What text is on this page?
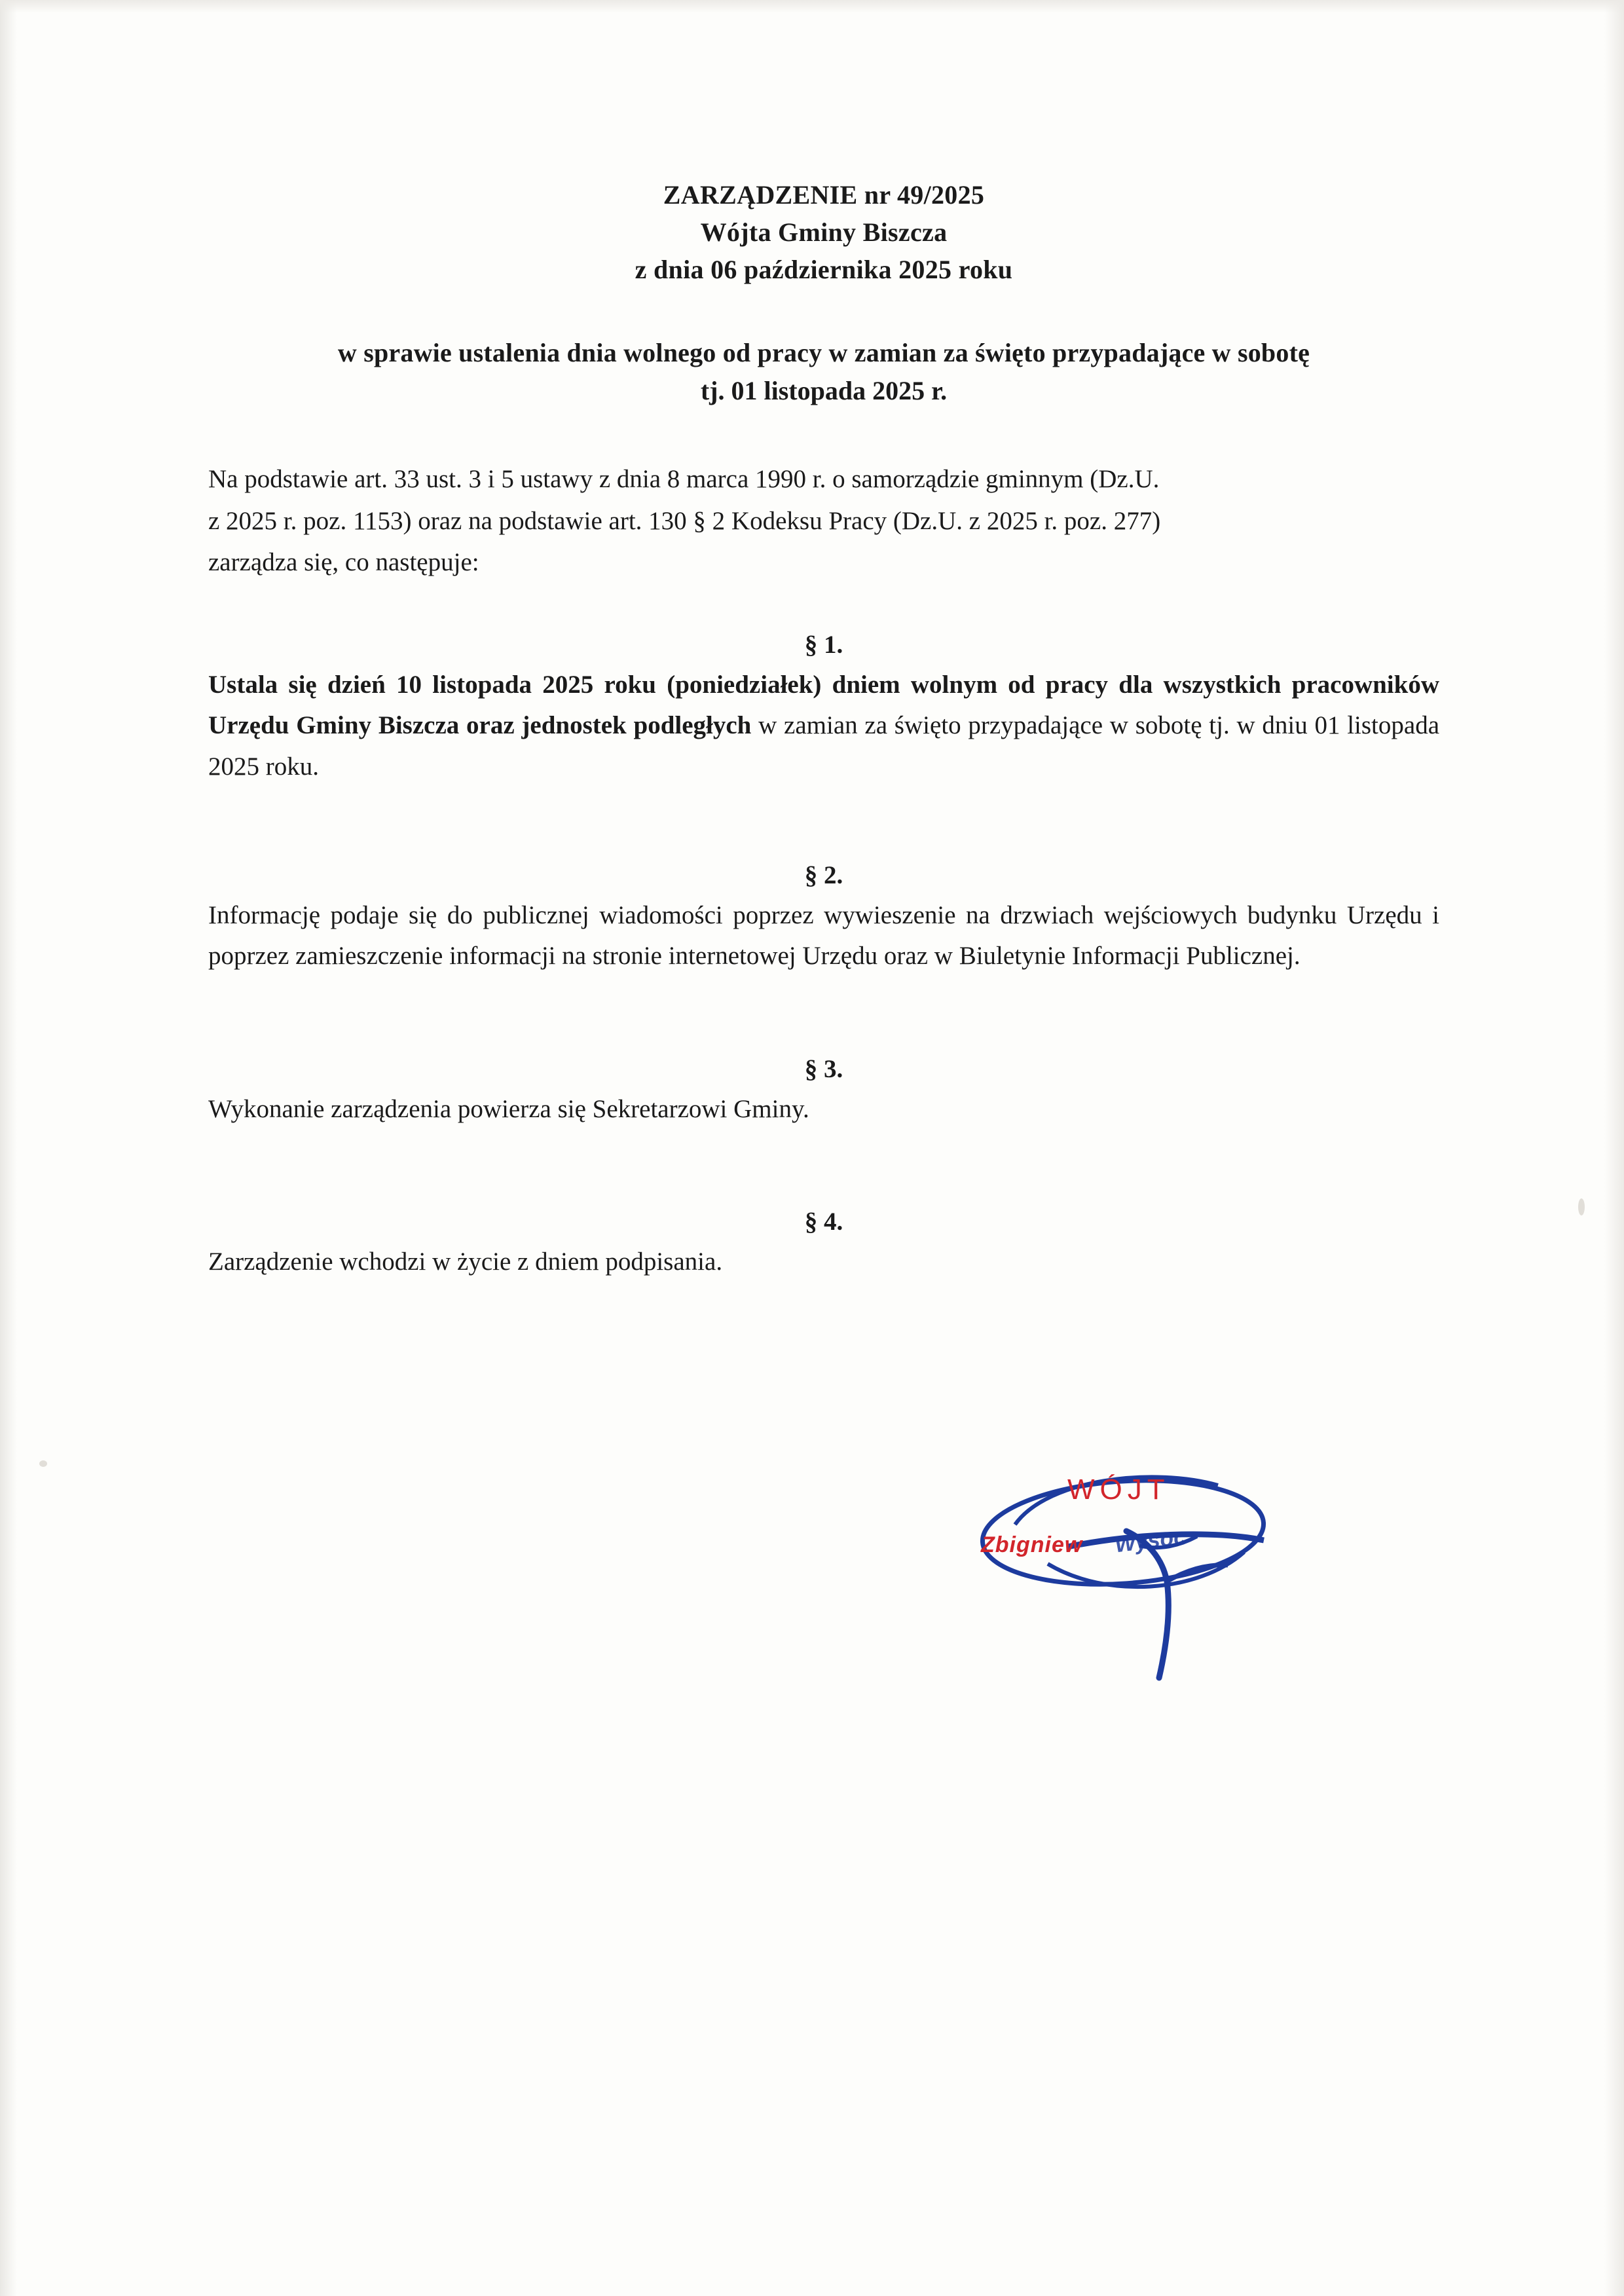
ZARZĄDZENIE nr 49/2025
Wójta Gminy Biszcza
z dnia 06 października 2025 roku
w sprawie ustalenia dnia wolnego od pracy w zamian za święto przypadające w sobotę
tj. 01 listopada 2025 r.
Na podstawie art. 33 ust. 3 i 5 ustawy z dnia 8 marca 1990 r. o samorządzie gminnym (Dz.U.
z 2025 r. poz. 1153) oraz na podstawie art. 130 § 2 Kodeksu Pracy (Dz.U. z 2025 r. poz. 277)
zarządza się, co następuje:
§ 1.
Ustala się dzień 10 listopada 2025 roku (poniedziałek) dniem wolnym od pracy dla wszystkich pracowników Urzędu Gminy Biszcza oraz jednostek podległych w zamian za święto przypadające w sobotę tj. w dniu 01 listopada 2025 roku.
§ 2.
Informację podaje się do publicznej wiadomości poprzez wywieszenie na drzwiach wejściowych budynku Urzędu i poprzez zamieszczenie informacji na stronie internetowej Urzędu oraz w Biuletynie Informacji Publicznej.
§ 3.
Wykonanie zarządzenia powierza się Sekretarzowi Gminy.
§ 4.
Zarządzenie wchodzi w życie z dniem podpisania.
WÓJT
Zbigniew Wysoc
